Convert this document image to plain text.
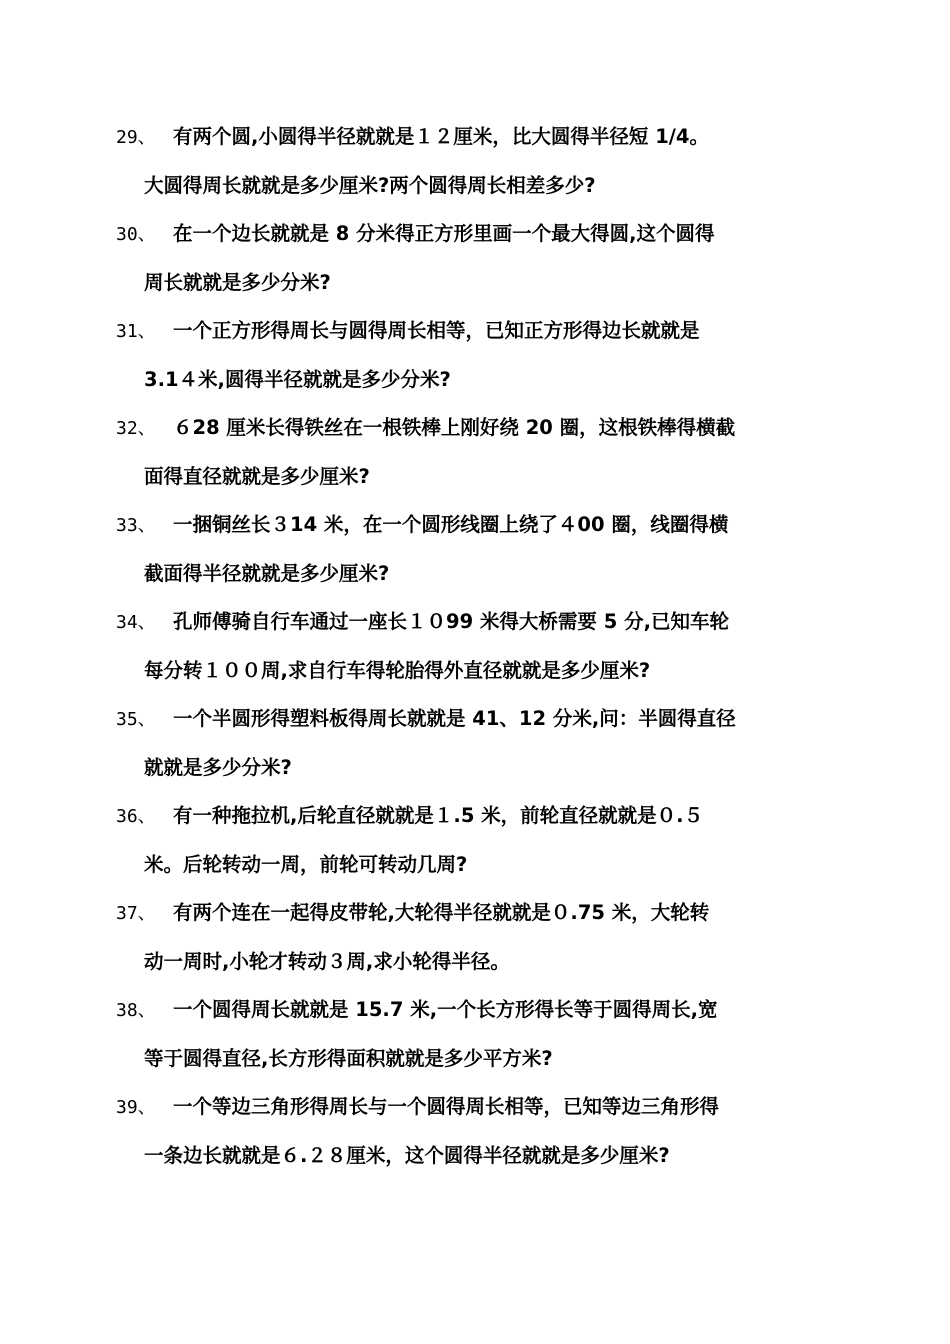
29、 有两个圆,小圆得半径就就是１２厘米，比大圆得半径短 1/4。
大圆得周长就就是多少厘米?两个圆得周长相差多少?
30、 在一个边长就就是 8 分米得正方形里画一个最大得圆,这个圆得
周长就就是多少分米?
31、 一个正方形得周长与圆得周长相等，已知正方形得边长就就是
3.1４米,圆得半径就就是多少分米?
32、 ６28 厘米长得铁丝在一根铁棒上刚好绕 20 圈，这根铁棒得横截
面得直径就就是多少厘米?
33、 一捆铜丝长３14 米，在一个圆形线圈上绕了４00 圈，线圈得横
截面得半径就就是多少厘米?
34、 孔师傅骑自行车通过一座长１０99 米得大桥需要 5 分,已知车轮
每分转１００周,求自行车得轮胎得外直径就就是多少厘米?
35、 一个半圆形得塑料板得周长就就是 41、12 分米,问：半圆得直径
就就是多少分米?
36、 有一种拖拉机,后轮直径就就是１.5 米，前轮直径就就是０.５
米。后轮转动一周，前轮可转动几周?
37、 有两个连在一起得皮带轮,大轮得半径就就是０.75 米，大轮转
动一周时,小轮才转动３周,求小轮得半径。
38、 一个圆得周长就就是 15.7 米,一个长方形得长等于圆得周长,宽
等于圆得直径,长方形得面积就就是多少平方米?
39、 一个等边三角形得周长与一个圆得周长相等，已知等边三角形得
一条边长就就是６.２８厘米，这个圆得半径就就是多少厘米?
